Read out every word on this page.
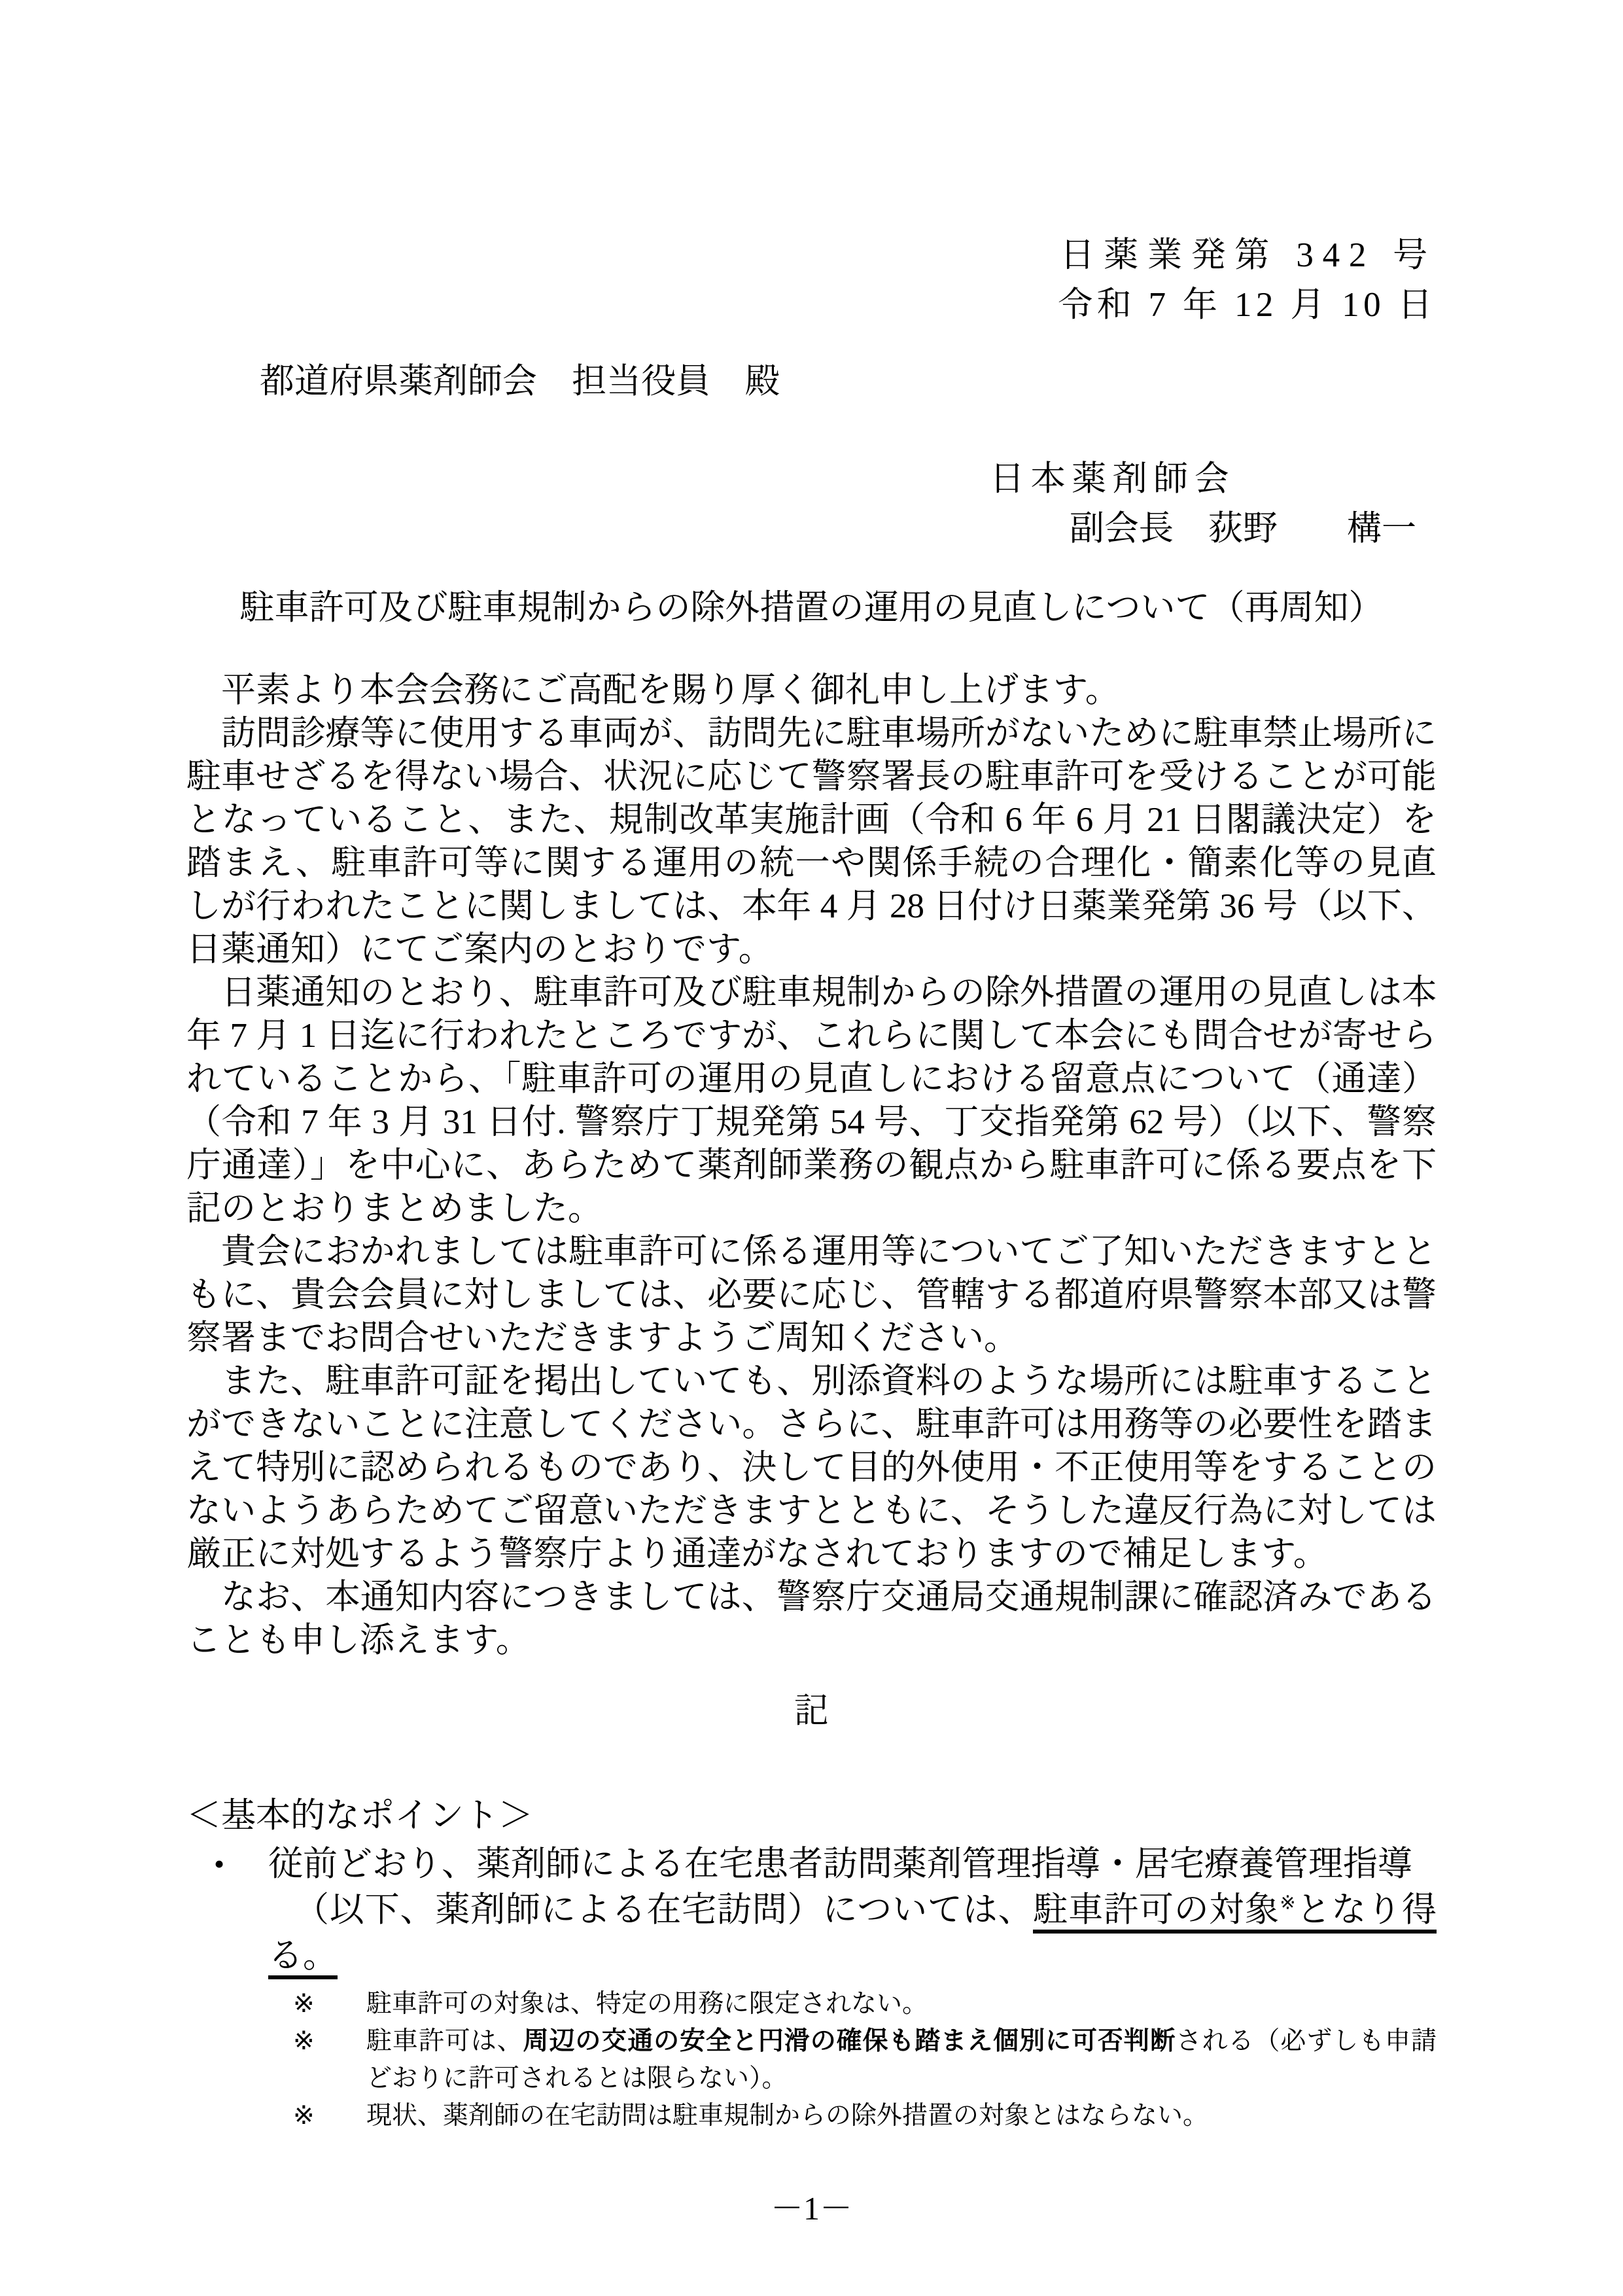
日薬業発第 342 号
令和 7 年 12 月 10 日
都道府県薬剤師会　担当役員　殿
日本薬剤師会
副会長　荻野　　構一
駐車許可及び駐車規制からの除外措置の運用の見直しについて（再周知）

平素より本会会務にご高配を賜り厚く御礼申し上げます。

訪問診療等に使用する車両が、訪問先に駐車場所がないために駐車禁止場所に駐車せざるを得ない場合、状況に応じて警察署長の駐車許可を受けることが可能となっていること、また、規制改革実施計画（令和 6 年 6 月 21 日閣議決定）を踏まえ、駐車許可等に関する運用の統一や関係手続の合理化・簡素化等の見直しが行われたことに関しましては、本年 4 月 28 日付け日薬業発第 36 号（以下、日薬通知）にてご案内のとおりです。

日薬通知のとおり、駐車許可及び駐車規制からの除外措置の運用の見直しは本年 7 月 1 日迄に行われたところですが、これらに関して本会にも問合せが寄せられていることから、「駐車許可の運用の見直しにおける留意点について（通達）（令和 7 年 3 月 31 日付. 警察庁丁規発第 54 号、丁交指発第 62 号）（以下、警察庁通達）」を中心に、あらためて薬剤師業務の観点から駐車許可に係る要点を下記のとおりまとめました。

貴会におかれましては駐車許可に係る運用等についてご了知いただきますとともに、貴会会員に対しましては、必要に応じ、管轄する都道府県警察本部又は警察署までお問合せいただきますようご周知ください。

また、駐車許可証を掲出していても、別添資料のような場所には駐車することができないことに注意してください。さらに、駐車許可は用務等の必要性を踏まえて特別に認められるものであり、決して目的外使用・不正使用等をすることのないようあらためてご留意いただきますとともに、そうした違反行為に対しては厳正に対処するよう警察庁より通達がなされておりますので補足します。

なお、本通知内容につきましては、警察庁交通局交通規制課に確認済みであることも申し添えます。

記
＜基本的なポイント＞
• 従前どおり、薬剤師による在宅患者訪問薬剤管理指導・居宅療養管理指導
（以下、薬剤師による在宅訪問）については、駐車許可の対象※となり得る。
※ 駐車許可の対象は、特定の用務に限定されない。
※ 駐車許可は、周辺の交通の安全と円滑の確保も踏まえ個別に可否判断される（必ずしも申請どおりに許可されるとは限らない）。
※ 現状、薬剤師の在宅訪問は駐車規制からの除外措置の対象とはならない。
－1－
